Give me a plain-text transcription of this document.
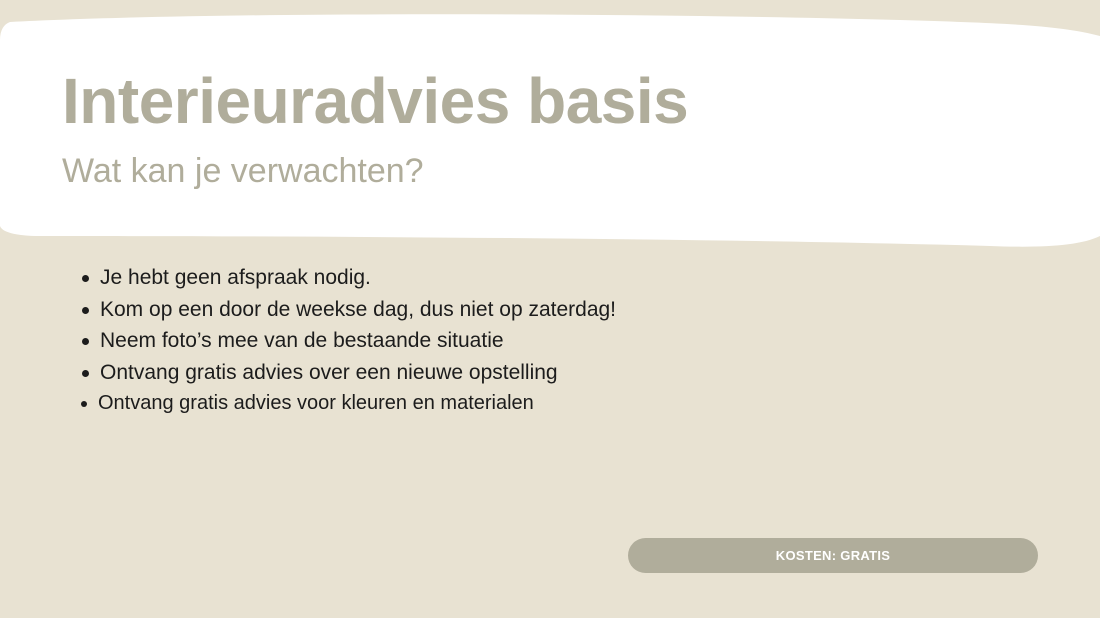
Interieuradvies basis
Wat kan je verwachten?
Je hebt geen afspraak nodig.
Kom op een door de weekse dag, dus niet op zaterdag!
Neem foto’s mee van de bestaande situatie
Ontvang gratis advies over een nieuwe opstelling
Ontvang gratis advies voor kleuren en materialen
KOSTEN: GRATIS
